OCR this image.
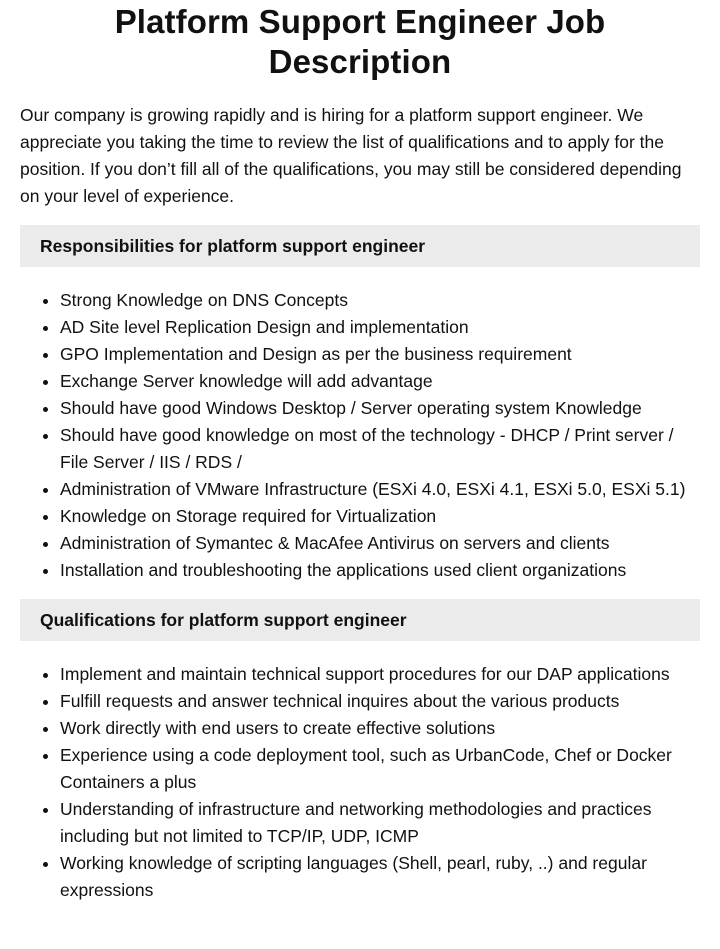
Platform Support Engineer Job Description

Our company is growing rapidly and is hiring for a platform support engineer. We appreciate you taking the time to review the list of qualifications and to apply for the position. If you don’t fill all of the qualifications, you may still be considered depending on your level of experience.

Responsibilities for platform support engineer
• Strong Knowledge on DNS Concepts
• AD Site level Replication Design and implementation
• GPO Implementation and Design as per the business requirement
• Exchange Server knowledge will add advantage
• Should have good Windows Desktop / Server operating system Knowledge
• Should have good knowledge on most of the technology - DHCP / Print server / File Server / IIS / RDS /
• Administration of VMware Infrastructure (ESXi 4.0, ESXi 4.1, ESXi 5.0, ESXi 5.1)
• Knowledge on Storage required for Virtualization
• Administration of Symantec & MacAfee Antivirus on servers and clients
• Installation and troubleshooting the applications used client organizations
Qualifications for platform support engineer
• Implement and maintain technical support procedures for our DAP applications
• Fulfill requests and answer technical inquires about the various products
• Work directly with end users to create effective solutions
• Experience using a code deployment tool, such as UrbanCode, Chef or Docker Containers a plus
• Understanding of infrastructure and networking methodologies and practices including but not limited to TCP/IP, UDP, ICMP
• Working knowledge of scripting languages (Shell, pearl, ruby, ..) and regular expressions
